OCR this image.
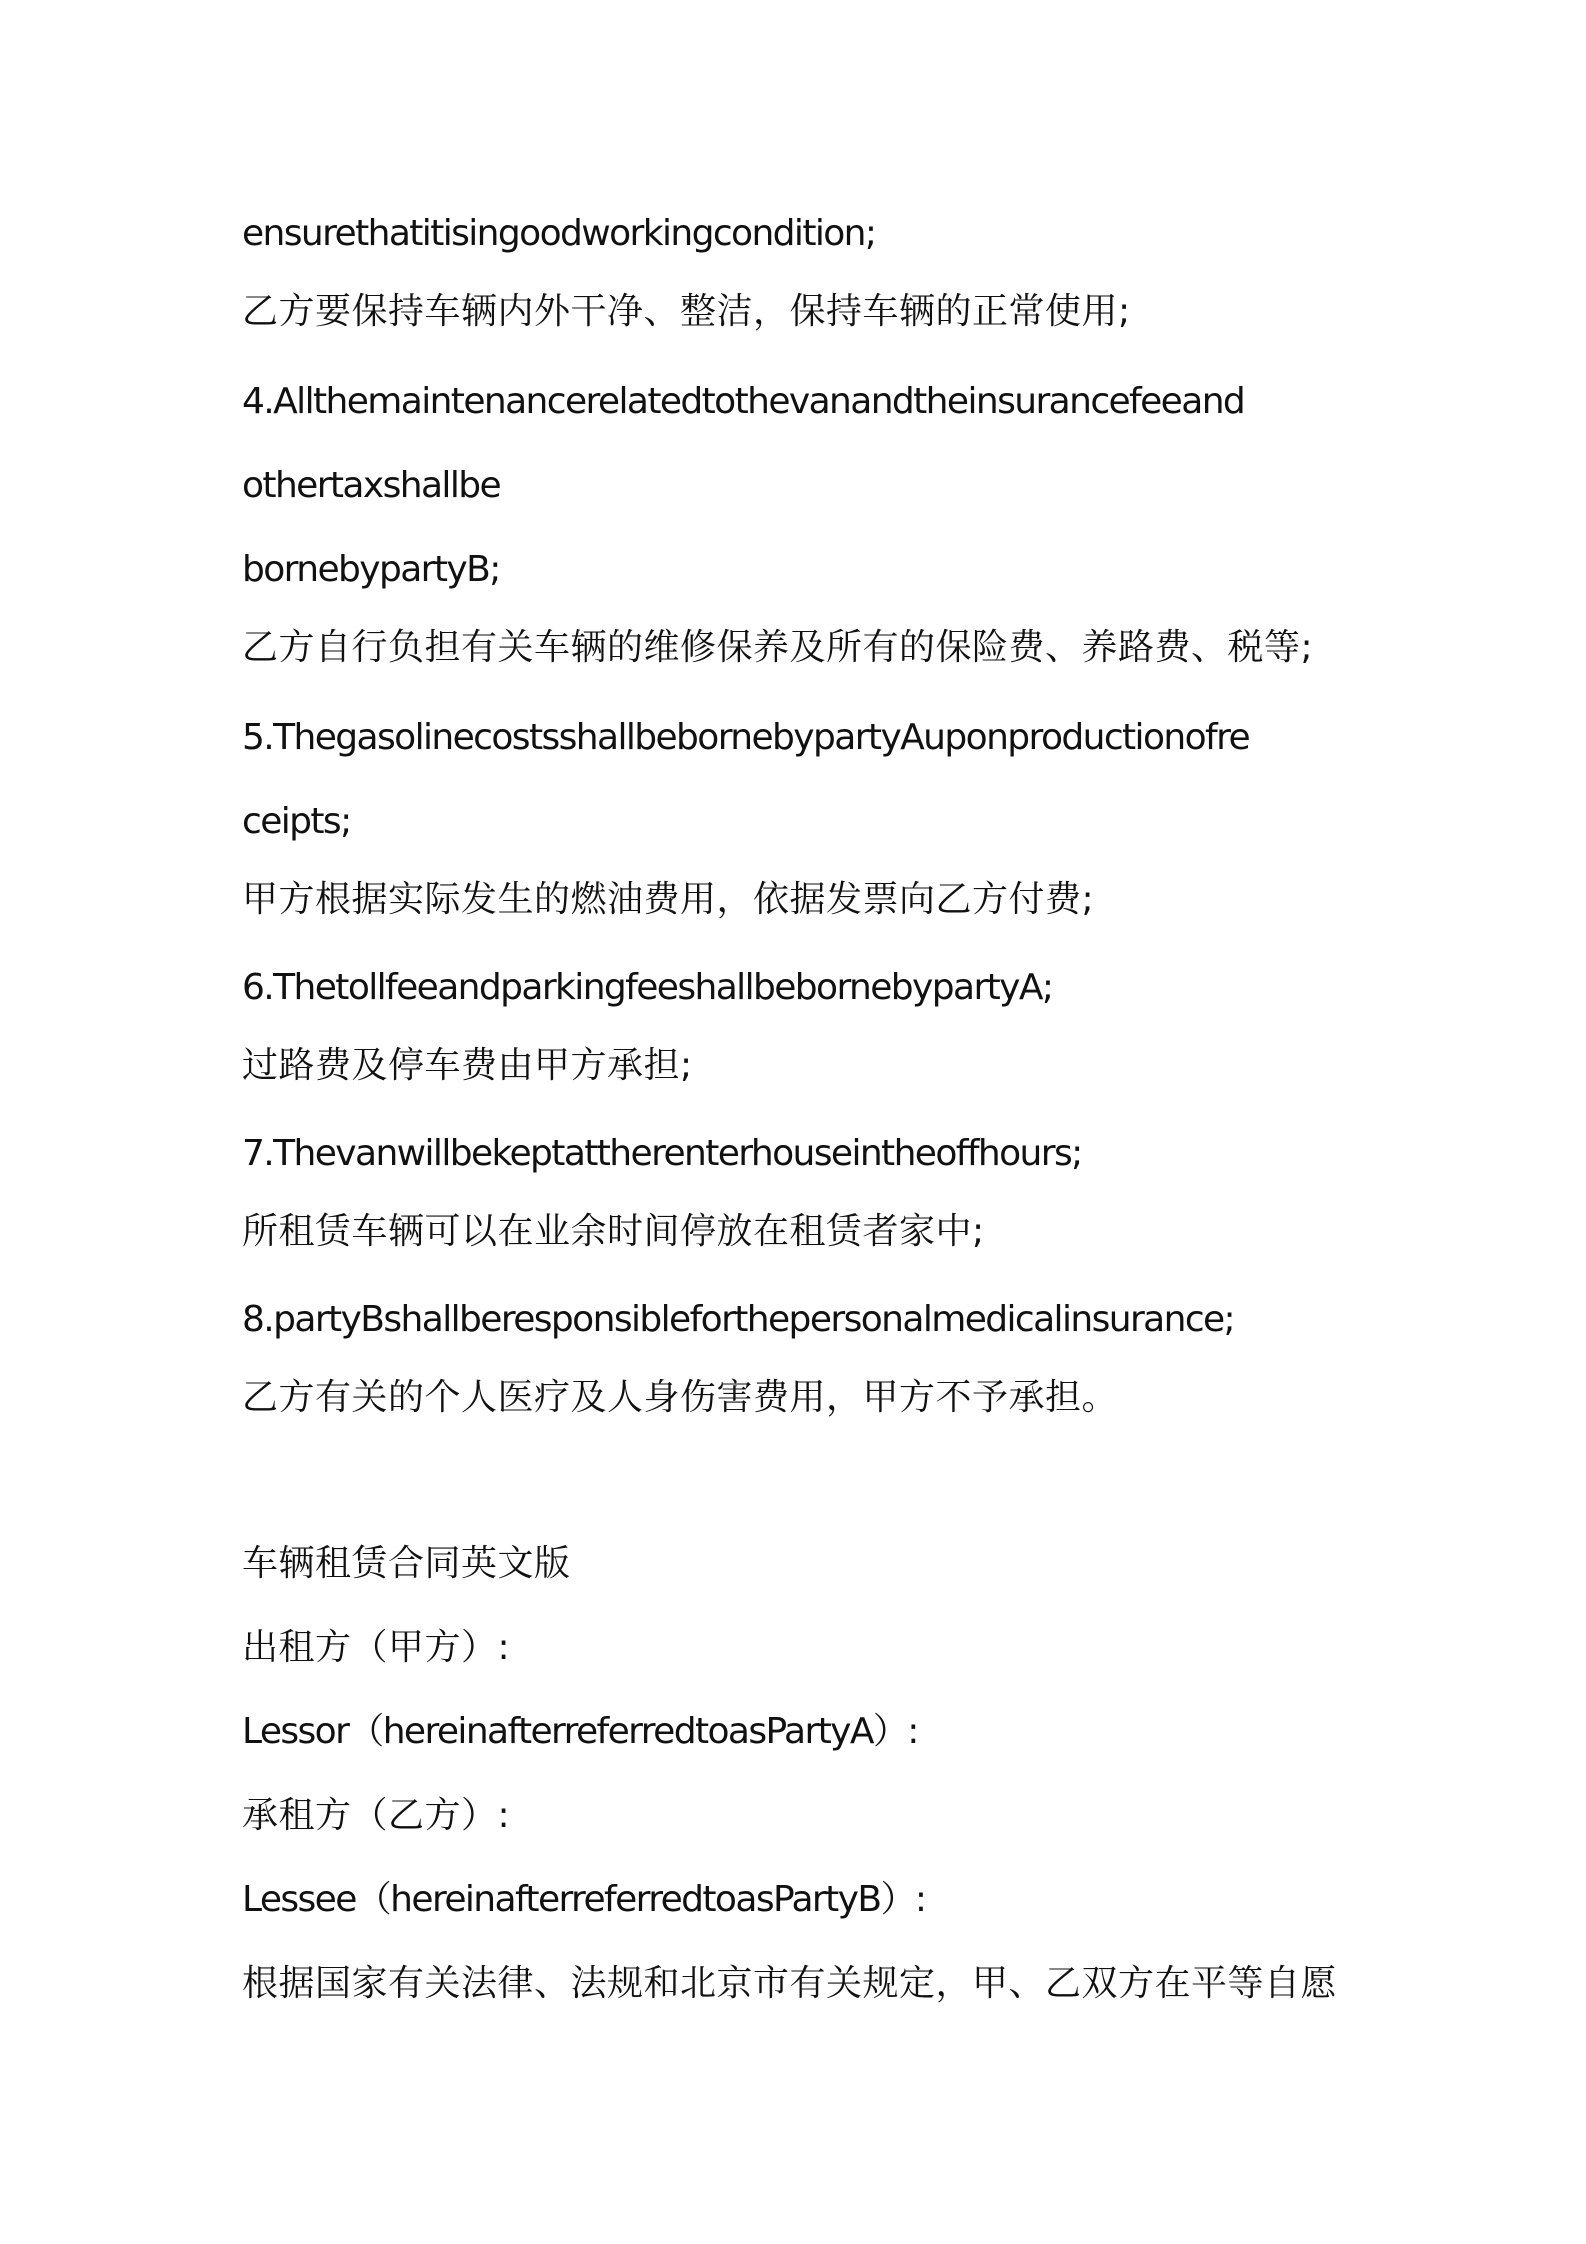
ensurethatitisingoodworkingcondition;
乙方要保持车辆内外干净、整洁，保持车辆的正常使用;
4.Allthemaintenancerelatedtothevanandtheinsurancefeeand
othertaxshallbe
bornebypartyB;
乙方自行负担有关车辆的维修保养及所有的保险费、养路费、税等;
5.ThegasolinecostsshallbebornebypartyAuponproductionofre
ceipts;
甲方根据实际发生的燃油费用，依据发票向乙方付费;
6.ThetollfeeandparkingfeeshallbebornebypartyA;
过路费及停车费由甲方承担;
7.Thevanwillbekeptattherenterhouseintheoffhours;
所租赁车辆可以在业余时间停放在租赁者家中;
8.partyBshallberesponsibleforthepersonalmedicalinsurance;
乙方有关的个人医疗及人身伤害费用，甲方不予承担。
车辆租赁合同英文版
出租方（甲方）:
Lessor（hereinafterreferredtoasPartyA）:
承租方（乙方）:
Lessee（hereinafterreferredtoasPartyB）:
根据国家有关法律、法规和北京市有关规定，甲、乙双方在平等自愿
